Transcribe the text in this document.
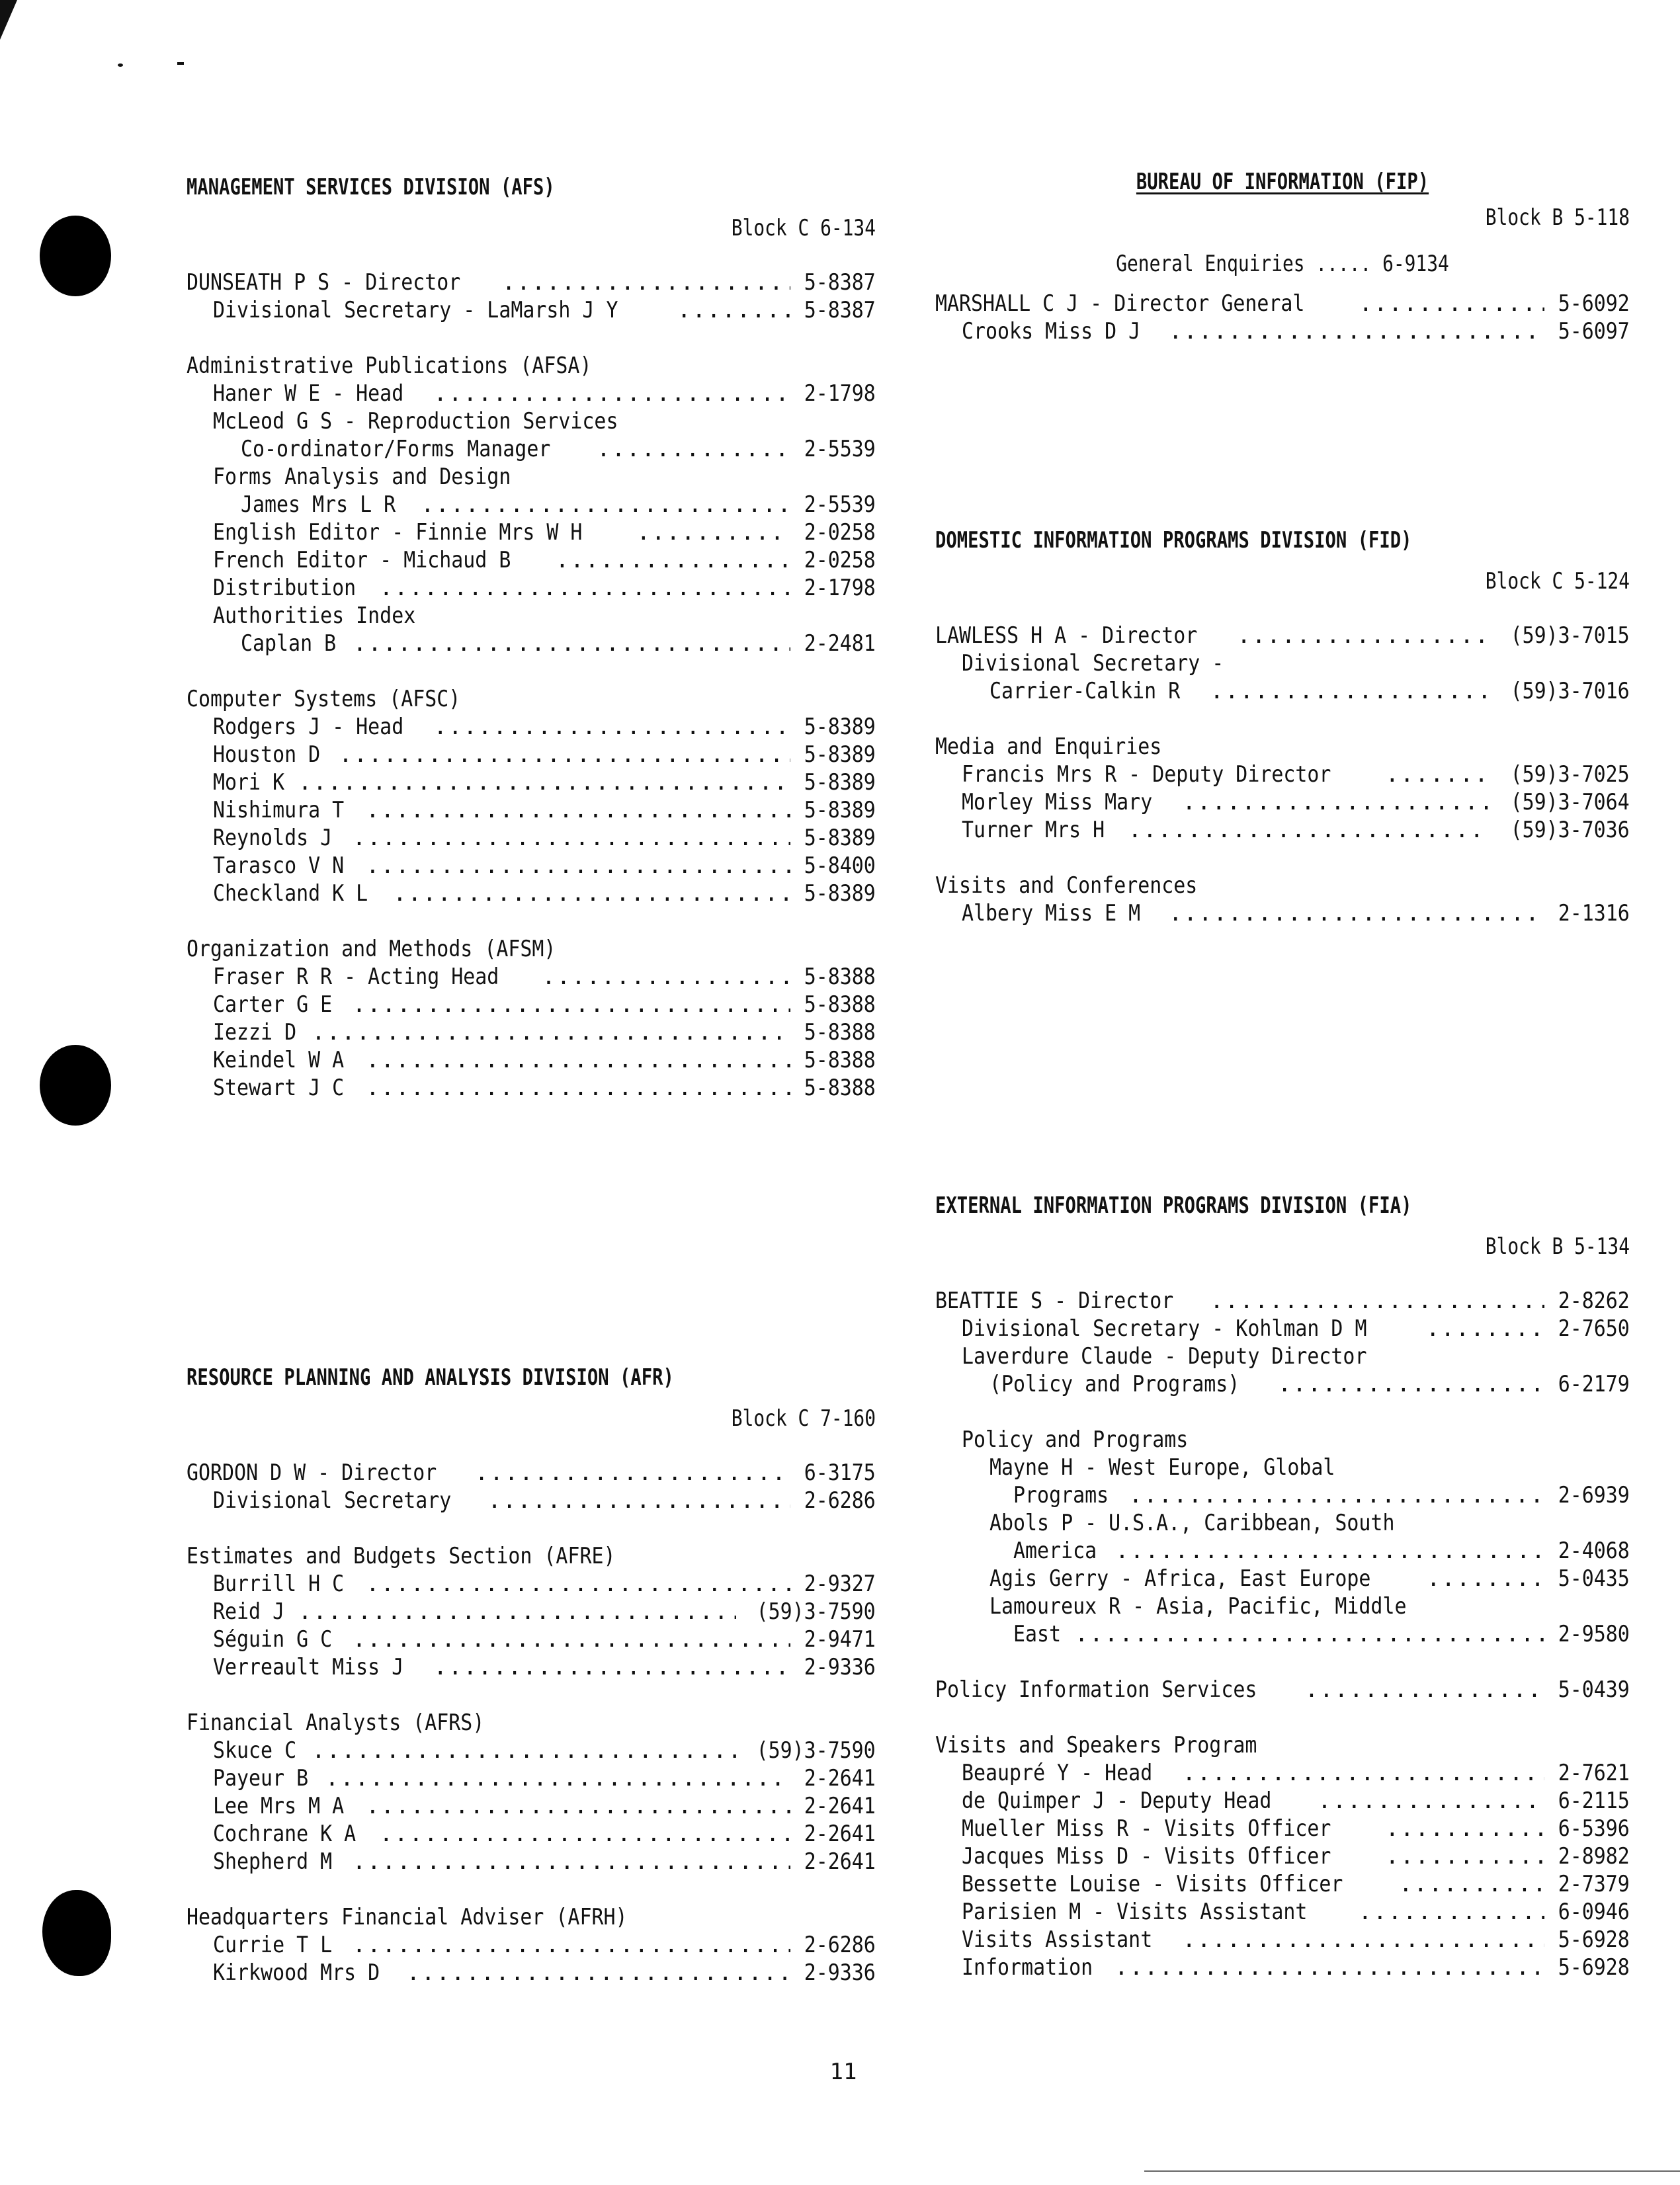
MANAGEMENT SERVICES DIVISION (AFS)
Block C 6-134
DUNSEATH P S - Director .....	5-8387
Divisional Secretary - LaMarsh J Y .....	5-8387
Administrative Publications (AFSA)
Haner W E - Head .....	2-1798
McLeod G S - Reproduction Services
Co-ordinator/Forms Manager .....	2-5539
Forms Analysis and Design
James Mrs L R .....	2-5539
English Editor - Finnie Mrs W H .....	2-0258
French Editor - Michaud B .....	2-0258
Distribution .....	2-1798
Authorities Index
Caplan B .....	2-2481
Computer Systems (AFSC)
Rodgers J - Head .....	5-8389
Houston D .....	5-8389
Mori K .....	5-8389
Nishimura T .....	5-8389
Reynolds J .....	5-8389
Tarasco V N .....	5-8400
Checkland K L .....	5-8389
Organization and Methods (AFSM)
Fraser R R - Acting Head .....	5-8388
Carter G E .....	5-8388
Iezzi D .....	5-8388
Keindel W A .....	5-8388
Stewart J C .....	5-8388
RESOURCE PLANNING AND ANALYSIS DIVISION (AFR)
Block C 7-160
GORDON D W - Director .....	6-3175
Divisional Secretary .....	2-6286
Estimates and Budgets Section (AFRE)
Burrill H C .....	2-9327
Reid J .....	(59)3-7590
Séguin G C .....	2-9471
Verreault Miss J .....	2-9336
Financial Analysts (AFRS)
Skuce C .....	(59)3-7590
Payeur B .....	2-2641
Lee Mrs M A .....	2-2641
Cochrane K A .....	2-2641
Shepherd M .....	2-2641
Headquarters Financial Adviser (AFRH)
Currie T L .....	2-6286
Kirkwood Mrs D .....	2-9336
BUREAU OF INFORMATION (FIP)
Block B 5-118
General Enquiries ..... 6-9134
MARSHALL C J - Director General .....	5-6092
Crooks Miss D J .....	5-6097
DOMESTIC INFORMATION PROGRAMS DIVISION (FID)
Block C 5-124
LAWLESS H A - Director .....	(59)3-7015
Divisional Secretary -
Carrier-Calkin R .....	(59)3-7016
Media and Enquiries
Francis Mrs R - Deputy Director .....	(59)3-7025
Morley Miss Mary .....	(59)3-7064
Turner Mrs H .....	(59)3-7036
Visits and Conferences
Albery Miss E M .....	2-1316
EXTERNAL INFORMATION PROGRAMS DIVISION (FIA)
Block B 5-134
BEATTIE S - Director .....	2-8262
Divisional Secretary - Kohlman D M .....	2-7650
Laverdure Claude - Deputy Director
(Policy and Programs) .....	6-2179
Policy and Programs
Mayne H - West Europe, Global
Programs .....	2-6939
Abols P - U.S.A., Caribbean, South
America .....	2-4068
Agis Gerry - Africa, East Europe .....	5-0435
Lamoureux R - Asia, Pacific, Middle
East .....	2-9580
Policy Information Services .....	5-0439
Visits and Speakers Program
Beaupré Y - Head .....	2-7621
de Quimper J - Deputy Head .....	6-2115
Mueller Miss R - Visits Officer .....	6-5396
Jacques Miss D - Visits Officer .....	2-8982
Bessette Louise - Visits Officer .....	2-7379
Parisien M - Visits Assistant .....	6-0946
Visits Assistant .....	5-6928
Information .....	5-6928
11
